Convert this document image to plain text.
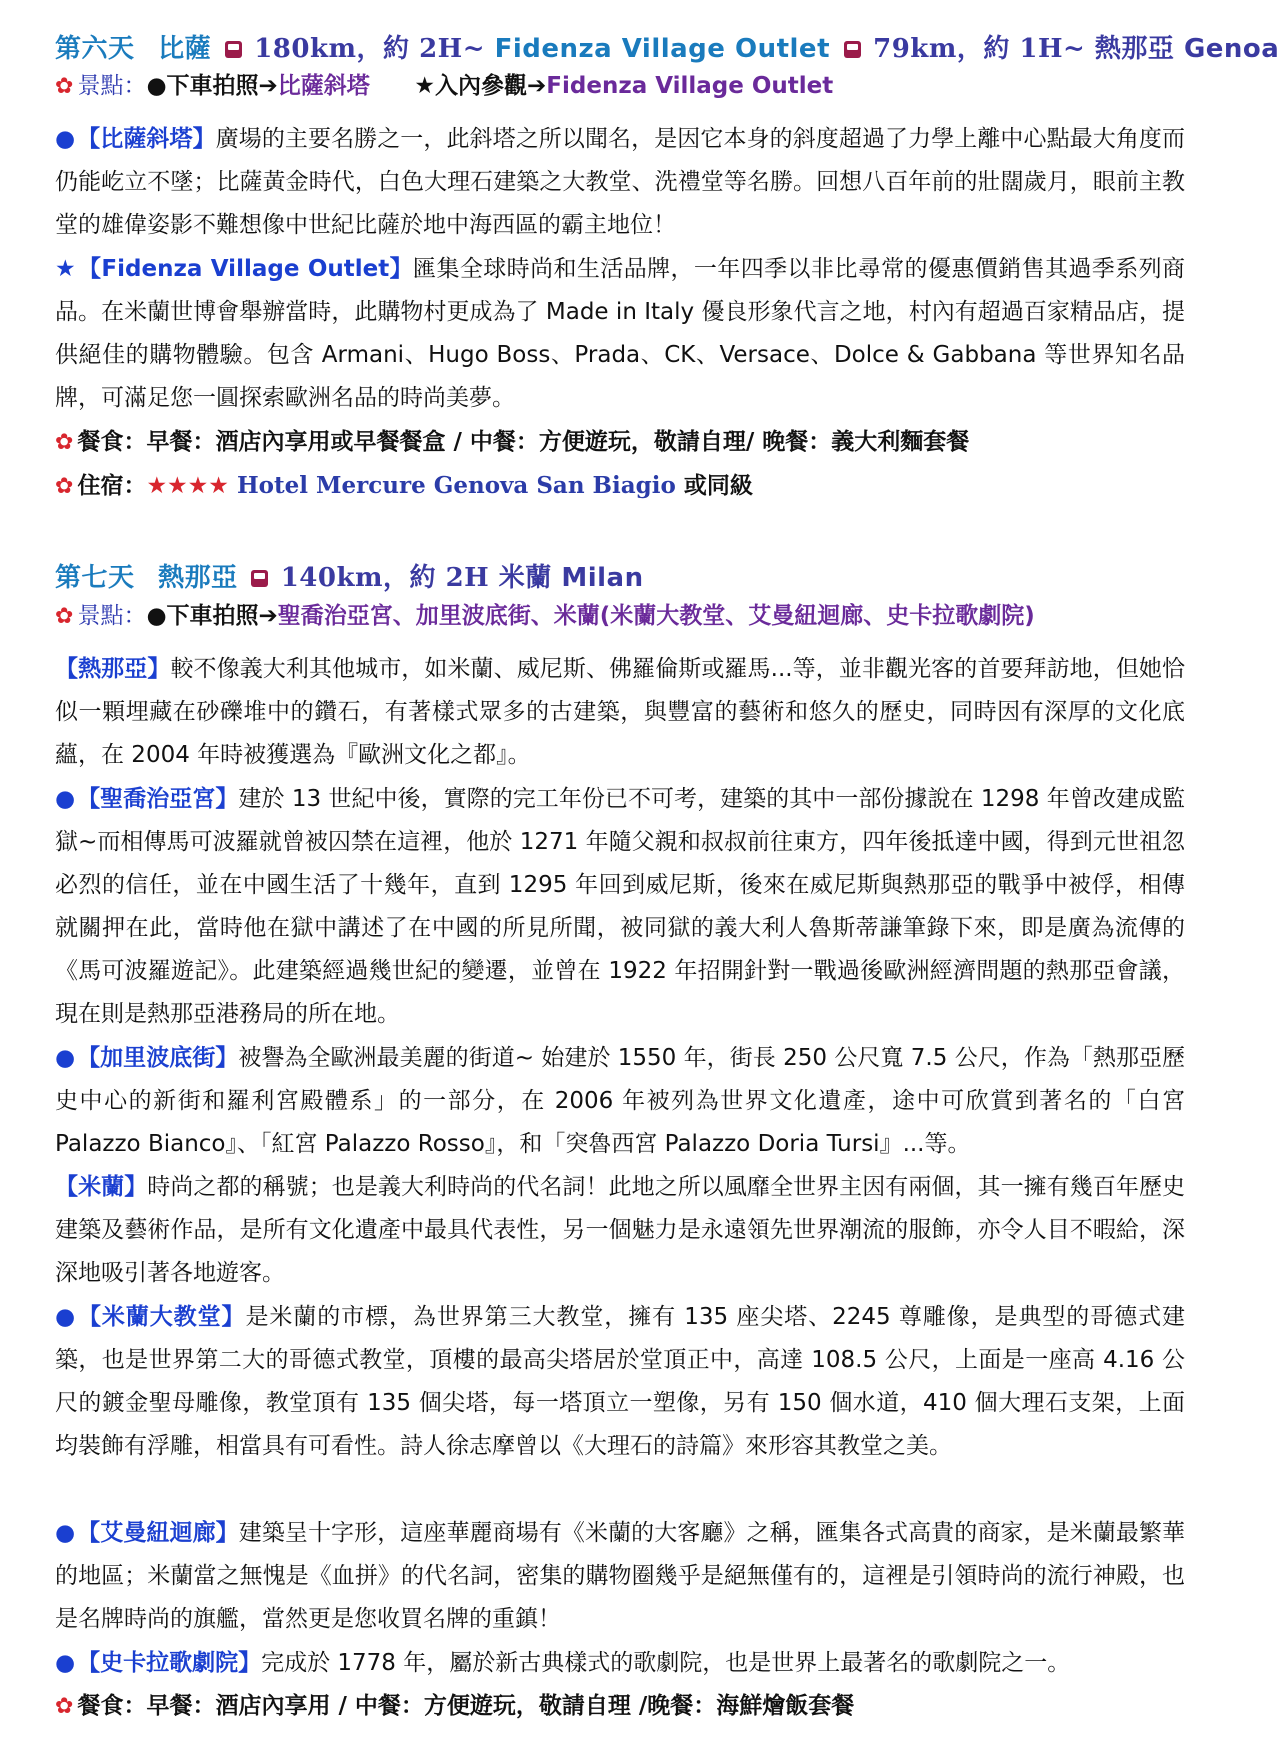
第六天 比薩 180km，約 2H~ Fidenza Village Outlet 79km，約 1H~ 熱那亞 Genoa
✿ 景點：●下車拍照➔比薩斜塔 ★入內參觀➔Fidenza Village Outlet
●【比薩斜塔】廣場的主要名勝之一，此斜塔之所以聞名，是因它本身的斜度超過了力學上離中心點最大角度而仍能屹立不墜；比薩黃金時代，白色大理石建築之大教堂、洗禮堂等名勝。回想八百年前的壯闊歲月，眼前主教堂的雄偉姿影不難想像中世紀比薩於地中海西區的霸主地位！
★【Fidenza Village Outlet】匯集全球時尚和生活品牌，一年四季以非比尋常的優惠價銷售其過季系列商品。在米蘭世博會舉辦當時，此購物村更成為了 Made in Italy 優良形象代言之地，村內有超過百家精品店，提供絕佳的購物體驗。包含 Armani、Hugo Boss、Prada、CK、Versace、Dolce & Gabbana 等世界知名品牌，可滿足您一圓探索歐洲名品的時尚美夢。
✿ 餐食：早餐：酒店內享用或早餐餐盒 / 中餐：方便遊玩，敬請自理/ 晚餐：義大利麵套餐
✿ 住宿：★★★★ Hotel Mercure Genova San Biagio 或同級
第七天 熱那亞 140km，約 2H 米蘭 Milan
✿ 景點：●下車拍照➔聖喬治亞宮、加里波底街、米蘭(米蘭大教堂、艾曼紐迴廊、史卡拉歌劇院)
【熱那亞】較不像義大利其他城市，如米蘭、威尼斯、佛羅倫斯或羅馬...等，並非觀光客的首要拜訪地，但她恰似一顆埋藏在砂礫堆中的鑽石，有著樣式眾多的古建築，與豐富的藝術和悠久的歷史，同時因有深厚的文化底蘊，在 2004 年時被獲選為『歐洲文化之都』。
●【聖喬治亞宮】建於 13 世紀中後，實際的完工年份已不可考，建築的其中一部份據說在 1298 年曾改建成監獄~而相傳馬可波羅就曾被囚禁在這裡，他於 1271 年隨父親和叔叔前往東方，四年後抵達中國，得到元世祖忽必烈的信任，並在中國生活了十幾年，直到 1295 年回到威尼斯，後來在威尼斯與熱那亞的戰爭中被俘，相傳就關押在此，當時他在獄中講述了在中國的所見所聞，被同獄的義大利人魯斯蒂謙筆錄下來，即是廣為流傳的《馬可波羅遊記》。此建築經過幾世紀的變遷，並曾在 1922 年招開針對一戰過後歐洲經濟問題的熱那亞會議，現在則是熱那亞港務局的所在地。
●【加里波底街】被譽為全歐洲最美麗的街道~ 始建於 1550 年，街長 250 公尺寬 7.5 公尺，作為「熱那亞歷史中心的新街和羅利宮殿體系」的一部分，在 2006 年被列為世界文化遺產，途中可欣賞到著名的「白宮 Palazzo Bianco』、「紅宮 Palazzo Rosso』，和「突魯西宮 Palazzo Doria Tursi』...等。
【米蘭】時尚之都的稱號；也是義大利時尚的代名詞！此地之所以風靡全世界主因有兩個，其一擁有幾百年歷史建築及藝術作品，是所有文化遺產中最具代表性，另一個魅力是永遠領先世界潮流的服飾，亦令人目不暇給，深深地吸引著各地遊客。
●【米蘭大教堂】是米蘭的市標，為世界第三大教堂，擁有 135 座尖塔、2245 尊雕像，是典型的哥德式建築，也是世界第二大的哥德式教堂，頂樓的最高尖塔居於堂頂正中，高達 108.5 公尺，上面是一座高 4.16 公尺的鍍金聖母雕像，教堂頂有 135 個尖塔，每一塔頂立一塑像，另有 150 個水道，410 個大理石支架，上面均裝飾有浮雕，相當具有可看性。詩人徐志摩曾以《大理石的詩篇》來形容其教堂之美。
●【艾曼紐迴廊】建築呈十字形，這座華麗商場有《米蘭的大客廳》之稱，匯集各式高貴的商家，是米蘭最繁華的地區；米蘭當之無愧是《血拼》的代名詞，密集的購物圈幾乎是絕無僅有的，這裡是引領時尚的流行神殿，也是名牌時尚的旗艦，當然更是您收買名牌的重鎮！
●【史卡拉歌劇院】完成於 1778 年，屬於新古典樣式的歌劇院，也是世界上最著名的歌劇院之一。
✿ 餐食：早餐：酒店內享用 / 中餐：方便遊玩，敬請自理 /晚餐：海鮮燴飯套餐
